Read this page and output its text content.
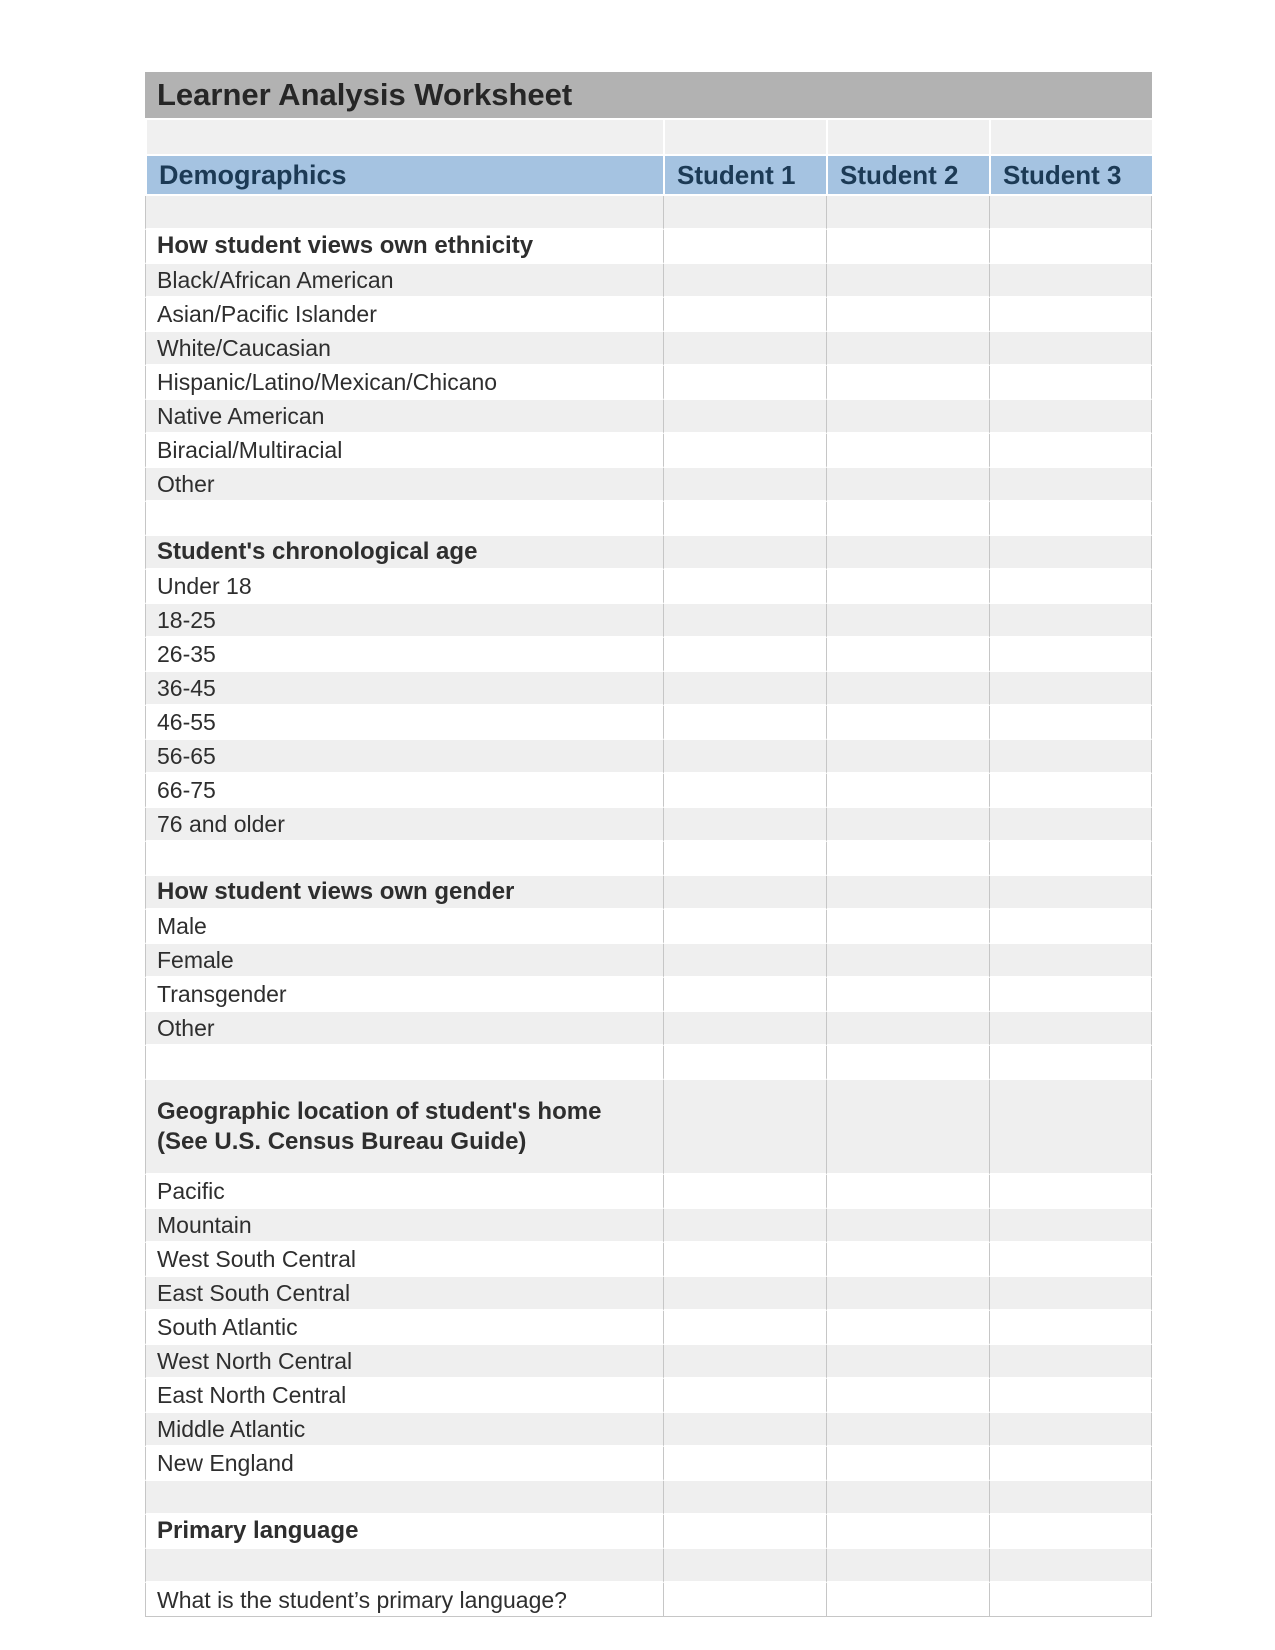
Learner Analysis Worksheet			

Demographics	Student 1	Student 2	Student 3

How student views own ethnicity			

Black/African American			

Asian/Pacific Islander			

White/Caucasian			

Hispanic/Latino/Mexican/Chicano			

Native American			

Biracial/Multiracial			

Other			

Student's chronological age			

Under 18			

18-25			

26-35			

36-45			

46-55			

56-65			

66-75			

76 and older			

How student views own gender			

Male			

Female			

Transgender			

Other			

Geographic location of student's home (See U.S. Census Bureau Guide)			

Pacific			

Mountain			

West South Central			

East South Central			

South Atlantic			

West North Central			

East North Central			

Middle Atlantic			

New England			

Primary language			

What is the student’s primary language?			
